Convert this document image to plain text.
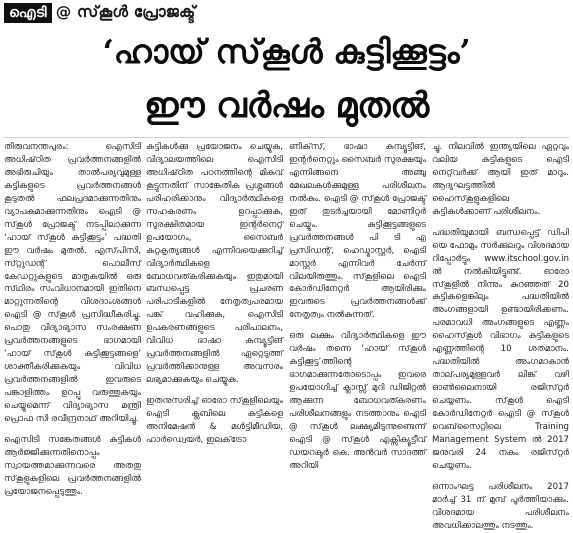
ഐടി @ സ്‌കൂൾ പ്രോജക്ട്
‘ഹായ് സ്‌കൂൾ കുട്ടിക്കൂട്ടം’
ഈ വർഷം മുതൽ

തിരുവനന്തപുരം: ഐസിടി അധിഷ്‌ഠിത പ്രവർത്തനങ്ങളിൽ അഭിരുചിയും താൽപര്യവുമുള്ള കുട്ടികളുടെ പ്രവർത്തനങ്ങൾ കൂടുതൽ ഫലപ്രദമാക്കുന്നതിനും വ്യാപകമാക്കുന്നതിനും ഐടി @ സ്‌കൂൾ പ്രോജക്ട് നടപ്പിലാക്കുന്ന ‘ഹായ് സ്‌കൂൾ കുട്ടിക്കൂട്ടം’ പദ്ധതി ഈ വർഷം മുതൽ. എസ്‌പിസി, സ്‌റ്റുഡന്റ് പൊലീസ് കേഡറ്റുകളുടെ മാതൃകയിൽ ഒരു സ്‌ഥിരം സംവിധാനമായി ഇതിനെ മാറ്റുന്നതിന്റെ വിശദാംശങ്ങൾ ഐടി @ സ്‌കൂൾ പ്രസിദ്ധീകരിച്ചു. പൊതു വിദ്യാഭ്യാസ സംരക്ഷണ പ്രവർത്തനങ്ങളുടെ ഭാഗമായി ‘ഹായ് സ്‌കൂൾ കുട്ടിക്കൂട്ടങ്ങളെ’ ശാക്തീകരിക്കുകയും വിവിധ പ്രവർത്തനങ്ങളിൽ ഇവരുടെ പങ്കാളിത്തം ഉറപ്പു വരുത്തുകയും ചെയ്യുമെന്ന് വിദ്യാഭ്യാസ മന്ത്രി പ്രൊഫ സി രവീന്ദ്രനാഥ് അറിയിച്ചു.

ഐസിടി സങ്കേതങ്ങൾ കുട്ടികൾ ആർജ്ജിക്കുന്നതിനൊപ്പം സ്വായത്തമാക്കുന്നവരെ അതതു സ്‌കൂളുകളിലെ പ്രവർത്തനങ്ങളിൽ പ്രയോജനപ്പെടുത്തും.

കുട്ടികൾക്കു പ്രയോജനം ചെയ്യുക, വിദ്യാലയത്തിലെ ഐസിടി അധിഷ്‌ഠിത പഠനത്തിന്റെ മികവ് കൂട്ടുന്നതിന് സാങ്കേതിക പ്രശ്നങ്ങൾ പരിഹരിക്കാനും വിദ്യാർത്ഥികളെ സഹകരണം ഉറപ്പാക്കുക, സുരക്ഷിതമായ ഇന്റർനെറ്റ് ഉപയോഗം, സൈബർ കുറ്റകൃത്യങ്ങൾ എന്നിവയെക്കുറിച്ച് വിദ്യാർത്ഥികളെ ബോധവത്കരിക്കുകയും ഇതുമായി ബന്ധപ്പെട്ട പ്രചരണ പരിപാടികളിൽ നേതൃത്വപരമായ പങ്ക് വഹിക്കുക, ഐസിടി ഉപകരണങ്ങളുടെ പരിപാലനം, വിവിധ ഭാഷാ കമ്പ്യൂട്ടിങ് പ്രവർത്തനങ്ങളിൽ ഏറ്റെടുത്ത് പ്രവർത്തിക്കാനുള്ള അവസരം ലഭ്യമാക്കുകയും ചെയ്യുക.

ഇതനുസരിച്ച് ഓരോ സ്‌കൂളിലെയും ഐടി ക്ലബിലെ കുട്ടികളെ അനിമേഷൻ & മൾട്ടിമീഡിയ, ഹാർഡ്വെയർ, ഇലക്‌ട്രോ

ണിക്‌സ്, ഭാഷാ കമ്പ്യൂട്ടിങ്, ഇന്റർനെറ്റും സൈബർ സുരക്ഷയും എന്നിങ്ങനെ അഞ്ചു മേഖലകൾക്കുമുള്ള പരിശീലനം നൽകും. ഐടി @ സ്‌കൂൾ പ്രോജക്ട് ഇത് തുടർച്ചയായി മോണിറ്റർ ചെയ്യും. കുട്ടിക്കൂട്ടങ്ങളുടെ പ്രവർത്തനങ്ങൾ പി ടി എ പ്രസിഡന്റ്, ഹെഡ്മാസ്റ്റർ, ഐടി മാസ്റ്റർ എന്നിവർ ചേർന്ന് വിലയിരുത്തും. സ്‌കൂളിലെ ഐടി കോർഡിനേറ്റർ ആയിരിക്കും ഇവരുടെ പ്രവർത്തനങ്ങൾക്ക് നേതൃത്വം നൽകുന്നത്.

ഒരു ലക്ഷം വിദ്യാർത്ഥികളെ ഈ വർഷം തന്നെ ‘ഹായ് സ്‌കൂൾ കുട്ടിക്കൂട്ട’ത്തിന്റെ ഭാഗമാക്കുന്നതോടൊപ്പം ഇവരെ ഉപയോഗിച്ച് ക്ലാസ്സ് മുറി ഡിജിറ്റൽ ആക്കുന്ന ബോധവത്കരണം പരിശീലനങ്ങളും നടത്താനും ഐടി @ സ്‌കൂൾ ലക്ഷ്യമിടുന്നുണ്ടെന്ന് ഐടി @ സ്‌കൂൾ എക്സിക്യൂട്ടീവ് ഡയറക്ടർ കെ. അൻവർ സാദത്ത് അറിയി

ച്ചു. നിലവിൽ ഇന്ത്യയിലെ ഏറ്റവും വലിയ കുട്ടികളുടെ ഐടി നെറ്റ്‌വർക്ക് ആയി ഇത് മാറും. ആദ്യഘട്ടത്തിൽ ഹൈസ്‌കൂളുകളിലെ കുട്ടികൾക്കാണ് പരിശീലനം.

പദ്ധതിയുമായി ബന്ധപ്പെട്ട് ഡിപി യെ ഫോമും സർക്കുലറും വിശദമായ റിപ്പോർട്ടും www.itschool.gov.in ൽ നൽകിയിട്ടുണ്ട്. ഓരോ സ്‌കൂളിൽ നിന്നും കുറഞ്ഞത് 20 കുട്ടികളെങ്കിലും പദ്ധതിയിൽ അംഗങ്ങളായി ഉണ്ടായിരിക്കണം. പരമാവധി അംഗങ്ങളുടെ എണ്ണം ഹൈസ്‌കൂൾ വിഭാഗം കുട്ടികളുടെ എണ്ണത്തിന്റെ 10 ശതമാനം. പദ്ധതിയിൽ അംഗമാകാൻ താല്‌പര്യമുള്ളവർ ലിങ്ക് വഴി ഓൺലൈനായി രജിസ്‌റ്റർ ചെയ്യണം. സ്‌കൂൾ ഐടി കോർഡിനേറ്റർ ഐടി @ സ്‌കൂൾ വെബ്‌സൈറ്റിലെ Training Management System ൽ 2017 ജനുവരി 24 നകം രജിസ്‌റ്റർ ചെയ്യണം.

ഒന്നാംഘട്ട പരിശീലനം 2017 മാർച്ച് 31 ന് മുമ്പ് പൂർത്തിയാക്കും. വിശദമായ പരിശീലനം അവധിക്കാലത്തും നടത്തും.
